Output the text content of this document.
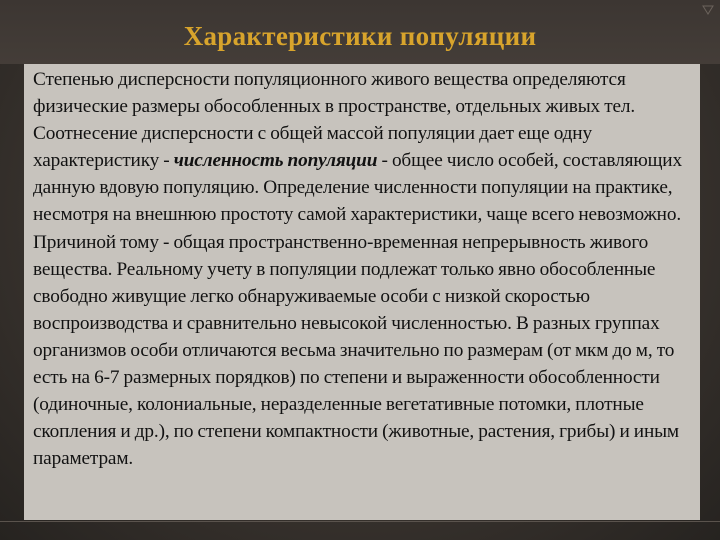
Характеристики популяции

Степенью дисперсности популяционного живого вещества определяются физические размеры обособленных в пространстве, отдельных живых тел. Соотнесение дисперсности с общей массой популяции дает еще одну характеристику - численность популяции - общее число особей, составляющих данную вдовую популяцию. Определение численности популяции на практике, несмотря на внешнюю простоту самой характеристики, чаще всего невозможно. Причиной тому - общая пространственно-временная непрерывность живого вещества. Реальному учету в популяции подлежат только явно обособленные свободно живущие легко обнаруживаемые особи с низкой скоростью воспроизводства и сравнительно невысокой численностью. В разных группах организмов особи отличаются весьма значительно по размерам (от мкм до м, то есть на 6-7 размерных порядков) по степени и выраженности обособленности (одиночные, колониальные, неразделенные вегетативные потомки, плотные скопления и др.), по степени компактности (животные, растения, грибы) и иным параметрам.
